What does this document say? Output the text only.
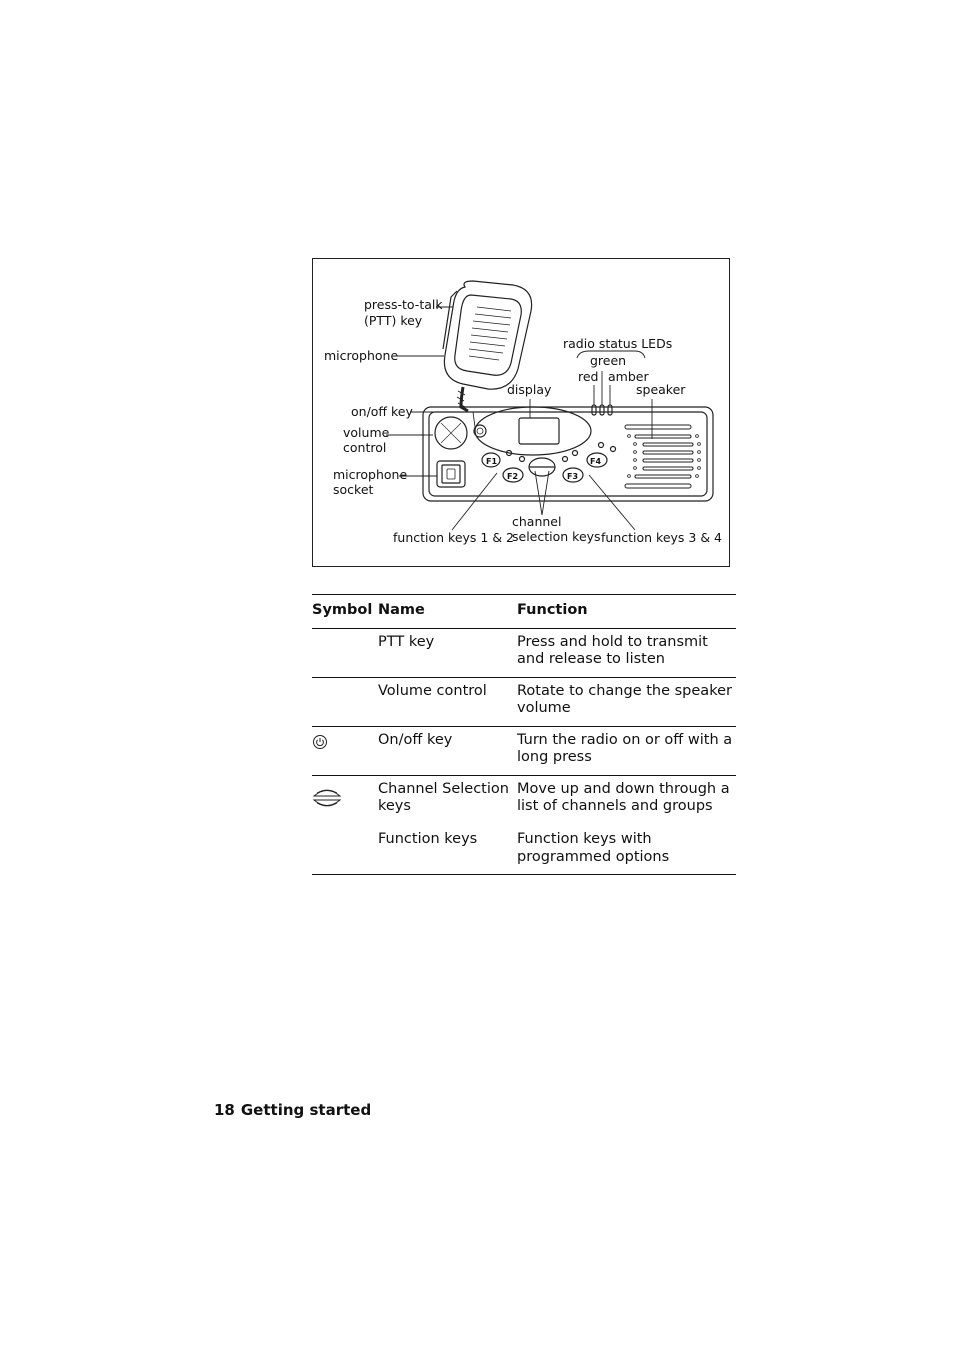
F1
F2	F3
F4
press-to-talk
(PTT) key
microphone
radio status LEDs
green
red amber
display	speaker
on/off key
volume
control
microphone
socket
function keys 1 & 2
channel
selection keys function keys 3 & 4
Symbol	Name	Function
	PTT key	Press and hold to transmit and release to listen
	Volume control	Rotate to change the speaker volume
	On/off key	Turn the radio on or off with a long press
	Channel Selection keys	Move up and down through a list of channels and groups
	Function keys	Function keys with programmed options
18 Getting started
